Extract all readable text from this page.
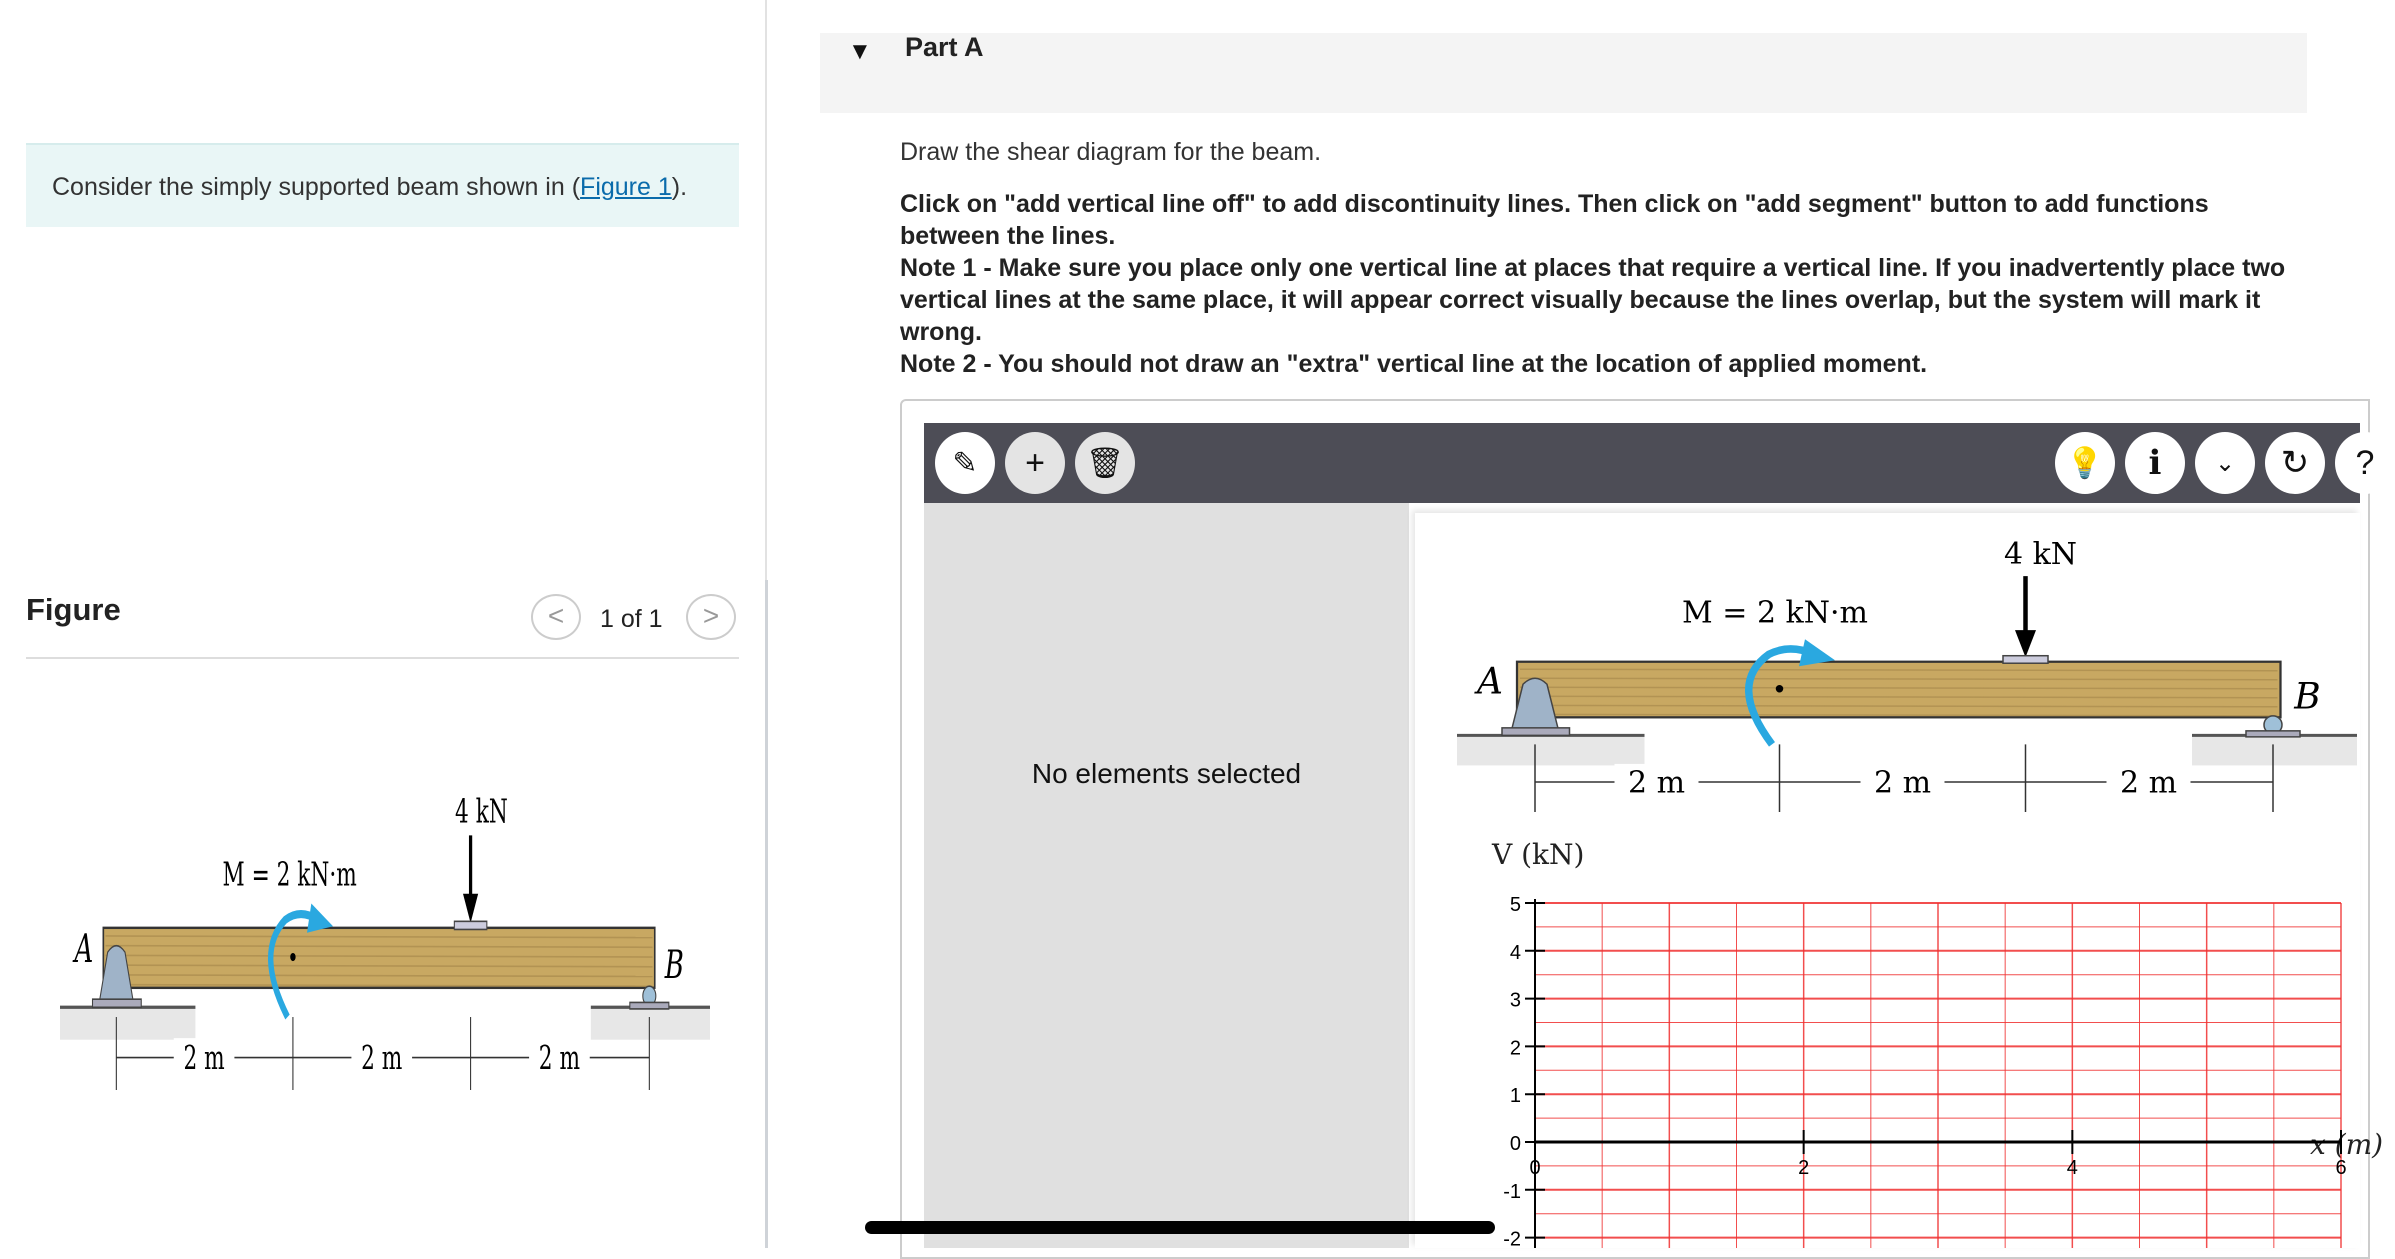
Consider the simply supported beam shown in (Figure 1).
Figure	<	1 of 1	>
2 m	2 m	2 m
4 kN
M = 2 kN·m
A	B
▼ Part A
Draw the shear diagram for the beam.
Click on "add vertical line off" to add discontinuity lines. Then click on "add segment" button to add functions between the lines.
Note 1 - Make sure you place only one vertical line at places that require a vertical line. If you inadvertently place two vertical lines at the same place, it will appear correct visually because the lines overlap, but the system will mark it wrong.
Note 2 - You should not draw an "extra" vertical line at the location of applied moment.
✎ + 🗑	💡 i ⌄ ↻ ?
No elements selected	2 m	2 m	2 m
4 kN
M = 2 kN·m
A	B
V (kN)
x (m)
5
4
3
2
1
0
-1
-2
0	2	4	6
